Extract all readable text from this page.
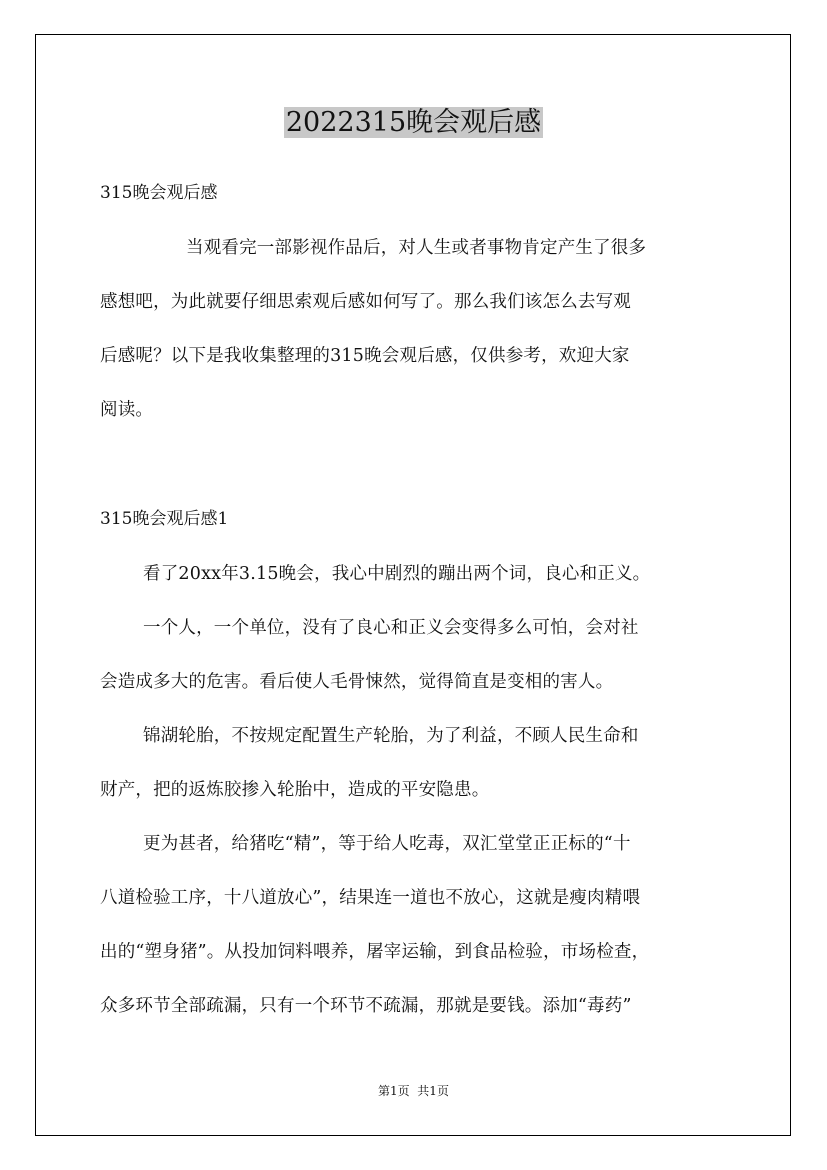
2022315晚会观后感
315晚会观后感
当观看完一部影视作品后，对人生或者事物肯定产生了很多
感想吧，为此就要仔细思索观后感如何写了。那么我们该怎么去写观
后感呢？以下是我收集整理的315晚会观后感，仅供参考，欢迎大家
阅读。
315晚会观后感1
看了20xx年3.15晚会，我心中剧烈的蹦出两个词，良心和正义。
一个人，一个单位，没有了良心和正义会变得多么可怕，会对社
会造成多大的危害。看后使人毛骨悚然，觉得简直是变相的害人。
锦湖轮胎，不按规定配置生产轮胎，为了利益，不顾人民生命和
财产，把的返炼胶掺入轮胎中，造成的平安隐患。
更为甚者，给猪吃“精”，等于给人吃毒，双汇堂堂正正标的“十
八道检验工序，十八道放心”，结果连一道也不放心，这就是瘦肉精喂
出的“塑身猪”。从投加饲料喂养，屠宰运输，到食品检验，市场检查，
众多环节全部疏漏，只有一个环节不疏漏，那就是要钱。添加“毒药”
第1页  共1页
